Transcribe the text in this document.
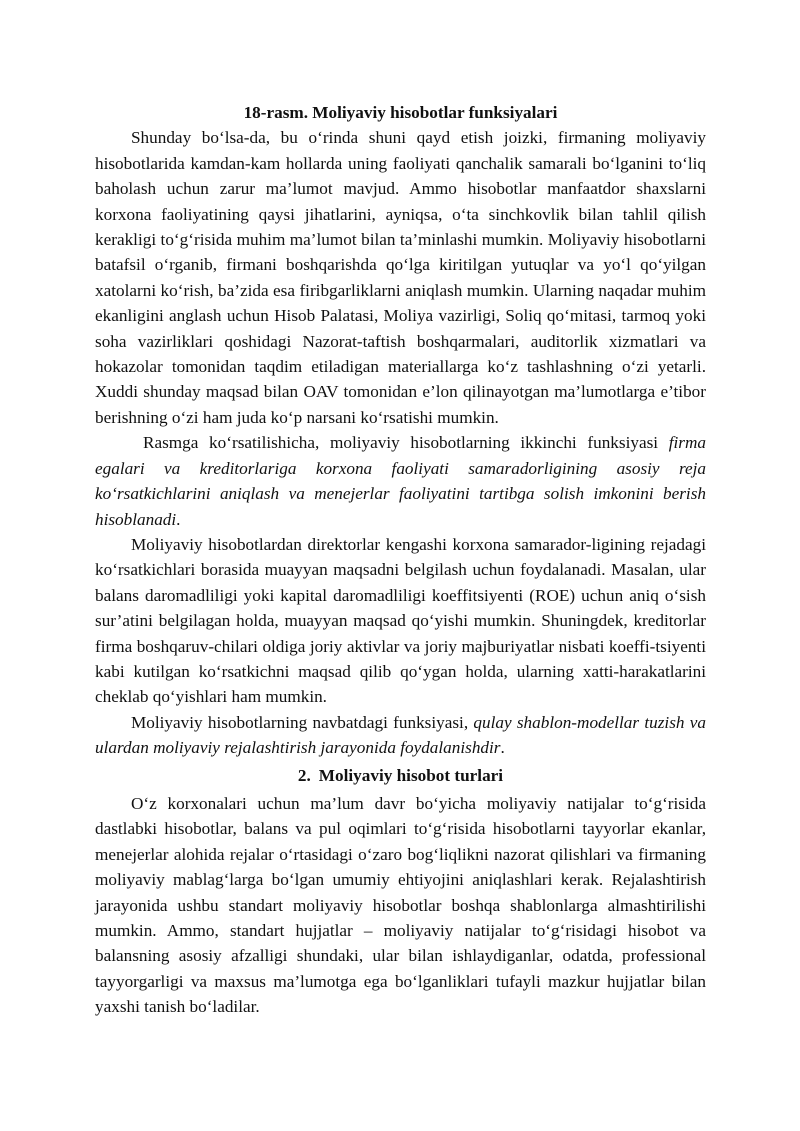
18-rasm. Moliyaviy hisobotlar funksiyalari

Shunday bo‘lsa-da, bu o‘rinda shuni qayd etish joizki, firmaning moliyaviy hisobotlarida kamdan-kam hollarda uning faoliyati qanchalik samarali bo‘lganini to‘liq baholash uchun zarur ma’lumot mavjud. Ammo hisobotlar manfaatdor shaxslarni korxona faoliyatining qaysi jihatlarini, ayniqsa, o‘ta sinchkovlik bilan tahlil qilish kerakligi to‘g‘risida muhim ma’lumot bilan ta’minlashi mumkin. Moliyaviy hisobotlarni batafsil o‘rganib, firmani boshqarishda qo‘lga kiritilgan yutuqlar va yo‘l qo‘yilgan xatolarni ko‘rish, ba’zida esa firibgarliklarni aniqlash mumkin. Ularning naqadar muhim ekanligini anglash uchun Hisob Palatasi, Moliya vazirligi, Soliq qo‘mitasi, tarmoq yoki soha vazirliklari qoshidagi Nazorat-taftish boshqarmalari, auditorlik xizmatlari va hokazolar tomonidan taqdim etiladigan materiallarga ko‘z tashlashning o‘zi yetarli. Xuddi shunday maqsad bilan OAV tomonidan e’lon qilinayotgan ma’lumotlarga e’tibor berishning o‘zi ham juda ko‘p narsani ko‘rsatishi mumkin.

Rasmga ko‘rsatilishicha, moliyaviy hisobotlarning ikkinchi funksiyasi firma egalari va kreditorlariga korxona faoliyati samaradorligining asosiy reja ko‘rsatkichlarini aniqlash va menejerlar faoliyatini tartibga solish imkonini berish hisoblanadi.

Moliyaviy hisobotlardan direktorlar kengashi korxona samarador-ligining rejadagi ko‘rsatkichlari borasida muayyan maqsadni belgilash uchun foydalanadi. Masalan, ular balans daromadliligi yoki kapital daromadliligi koeffitsiyenti (ROE) uchun aniq o‘sish sur’atini belgilagan holda, muayyan maqsad qo‘yishi mumkin. Shuningdek, kreditorlar firma boshqaruv-chilari oldiga joriy aktivlar va joriy majburiyatlar nisbati koeffi-tsiyenti kabi kutilgan ko‘rsatkichni maqsad qilib qo‘ygan holda, ularning xatti-harakatlarini cheklab qo‘yishlari ham mumkin.

Moliyaviy hisobotlarning navbatdagi funksiyasi, qulay shablon-modellar tuzish va ulardan moliyaviy rejalashtirish jarayonida foydalanishdir.

2. Moliyaviy hisobot turlari

O‘z korxonalari uchun ma’lum davr bo‘yicha moliyaviy natijalar to‘g‘risida dastlabki hisobotlar, balans va pul oqimlari to‘g‘risida hisobotlarni tayyorlar ekanlar, menejerlar alohida rejalar o‘rtasidagi o‘zaro bog‘liqlikni nazorat qilishlari va firmaning moliyaviy mablag‘larga bo‘lgan umumiy ehtiyojini aniqlashlari kerak. Rejalashtirish jarayonida ushbu standart moliyaviy hisobotlar boshqa shablonlarga almashtirilishi mumkin. Ammo, standart hujjatlar – moliyaviy natijalar to‘g‘risidagi hisobot va balansning asosiy afzalligi shundaki, ular bilan ishlaydiganlar, odatda, professional tayyorgarligi va maxsus ma’lumotga ega bo‘lganliklari tufayli mazkur hujjatlar bilan yaxshi tanish bo‘ladilar.
